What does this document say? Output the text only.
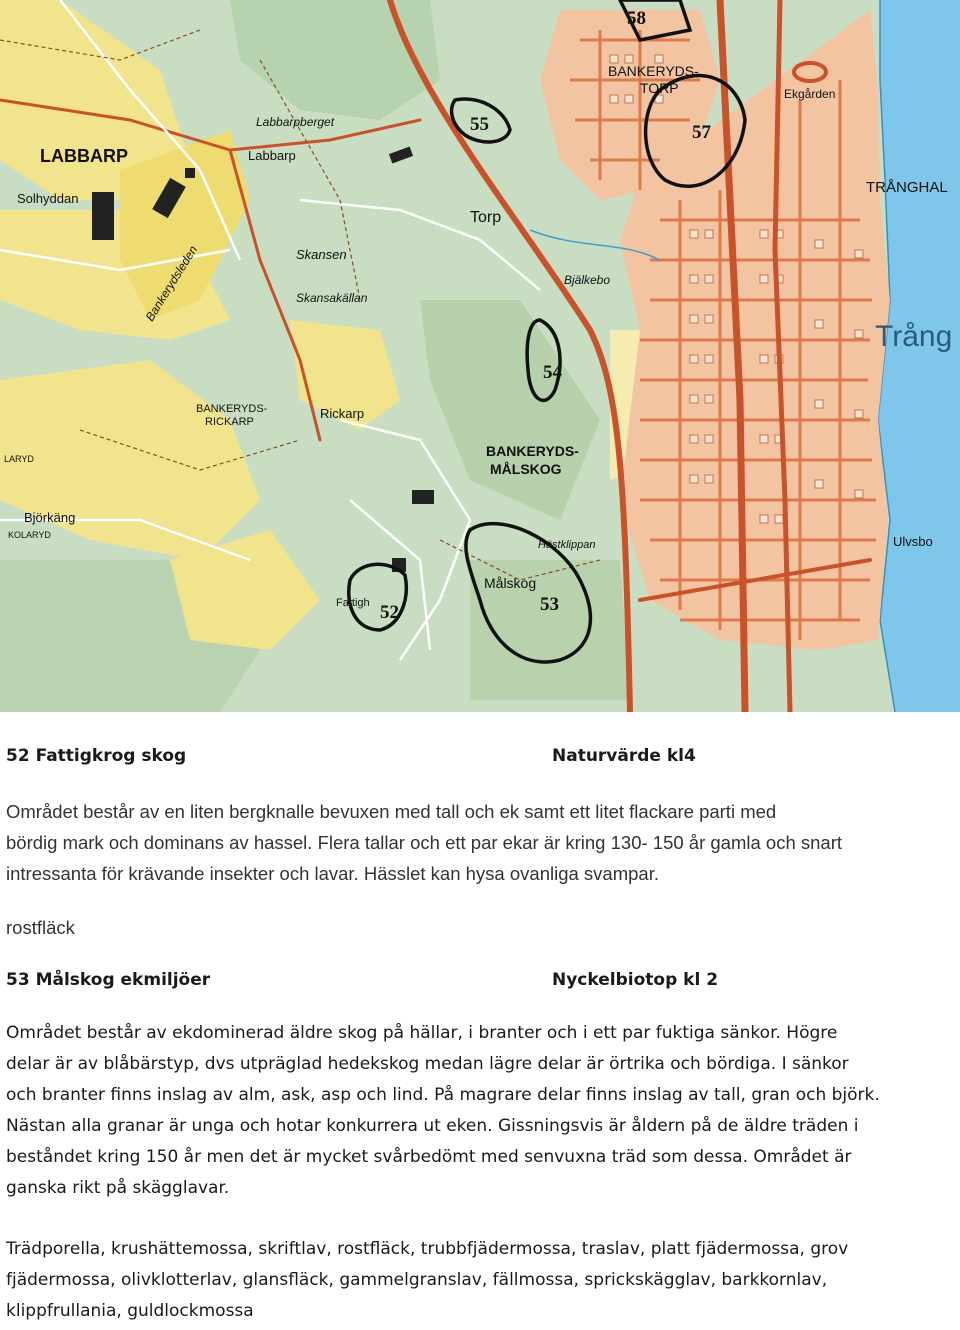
52	53
54
55	57
58
LABBARP
Labbarpberget
Labbarp
Solhyddan
Bankerydsleden	Skansen
Skansakällan
BANKERYDS-
RICKARP
Rickarp
Björkäng
KOLARYD
LARYD
Torp
Bjälkebo
BANKERYDS-
MÅLSKOG
Hästklippan
Målskog
Fattigh
BANKERYDS-
TORP	Ekgården
TRÅNGHAL
Trång
Ulvsbo
52 Fattigkrog skog	Naturvärde kl4
Området består av en liten bergknalle bevuxen med tall och ek samt ett litet flackare parti med
bördig mark och dominans av hassel. Flera tallar och ett par ekar är kring 130- 150 år gamla och snart
intressanta för krävande insekter och lavar. Hässlet kan hysa ovanliga svampar.
rostfläck
53 Målskog ekmiljöer	Nyckelbiotop kl 2
Området består av ekdominerad äldre skog på hällar, i branter och i ett par fuktiga sänkor. Högre
delar är av blåbärstyp, dvs utpräglad hedekskog medan lägre delar är örtrika och bördiga. I sänkor
och branter finns inslag av alm, ask, asp och lind. På magrare delar finns inslag av tall, gran och björk.
Nästan alla granar är unga och hotar konkurrera ut eken. Gissningsvis är åldern på de äldre träden i
beståndet kring 150 år men det är mycket svårbedömt med senvuxna träd som dessa. Området är
ganska rikt på skägglavar.
Trädporella, krushättemossa, skriftlav, rostfläck, trubbfjädermossa, traslav, platt fjädermossa, grov
fjädermossa, olivklotterlav, glansfläck, gammelgranslav, fällmossa, sprickskägglav, barkkornlav,
klippfrullania, guldlockmossa
